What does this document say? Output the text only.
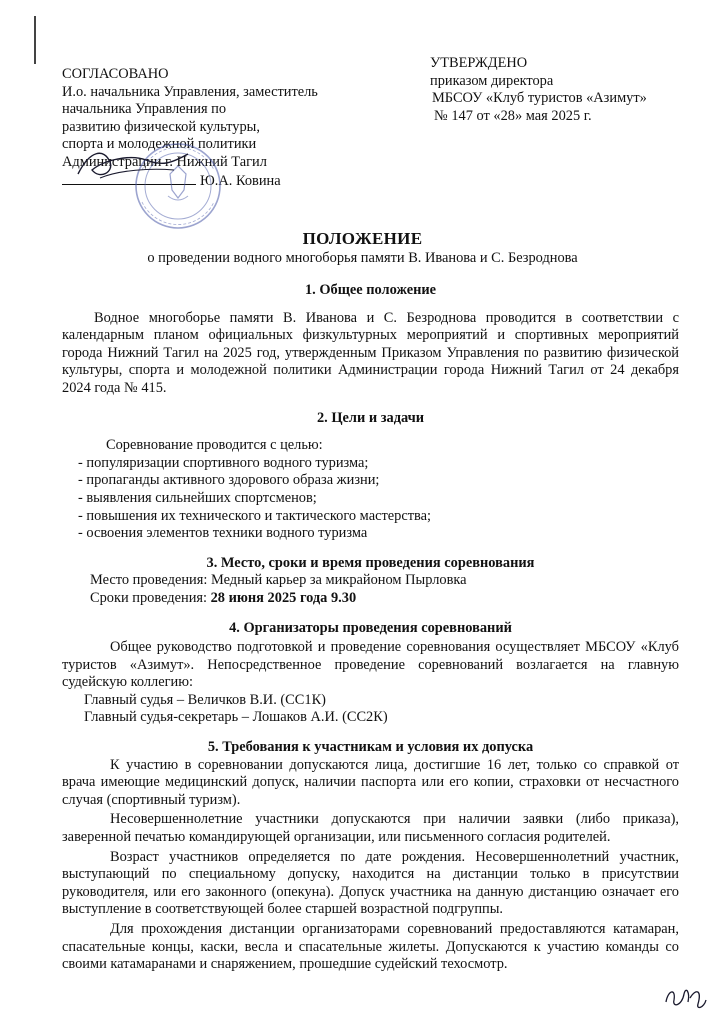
СОГЛАСОВАНО
И.о. начальника Управления, заместитель
начальника Управления по
развитию физической культуры,
спорта и молодежной политики
Администрации г. Нижний Тагил
Ю.А. Ковина
УТВЕРЖДЕНО
приказом директора
МБСОУ «Клуб туристов «Азимут»
№ 147 от «28» мая 2025 г.
ПОЛОЖЕНИЕ
о проведении водного многоборья памяти В. Иванова и С. Безроднова
1. Общее положение

Водное многоборье памяти В. Иванова и С. Безроднова проводится в соответствии с календарным планом официальных физкультурных мероприятий и спортивных мероприятий города Нижний Тагил на 2025 год, утвержденным Приказом Управления по развитию физической культуры, спорта и молодежной политики Администрации города Нижний Тагил от 24 декабря 2024 года № 415.

2. Цели и задачи
Соревнование проводится с целью:
- популяризации спортивного водного туризма;
- пропаганды активного здорового образа жизни;
- выявления сильнейших спортсменов;
- повышения их технического и тактического мастерства;
- освоения элементов техники водного туризма
3. Место, сроки и время проведения соревнования
Место проведения: Медный карьер за микрайоном Пырловка
Сроки проведения: 28 июня 2025 года 9.30
4. Организаторы проведения соревнований

Общее руководство подготовкой и проведение соревнования осуществляет МБСОУ «Клуб туристов «Азимут». Непосредственное проведение соревнований возлагается на главную судейскую коллегию:

Главный судья – Величков В.И. (СС1К)
Главный судья-секретарь – Лошаков А.И. (СС2К)
5. Требования к участникам и условия их допуска

К участию в соревновании допускаются лица, достигшие 16 лет, только со справкой от врача имеющие медицинский допуск, наличии паспорта или его копии, страховки от несчастного случая (спортивный туризм).

Несовершеннолетние участники допускаются при наличии заявки (либо приказа), заверенной печатью командирующей организации, или письменного согласия родителей.

Возраст участников определяется по дате рождения. Несовершеннолетний участник, выступающий по специальному допуску, находится на дистанции только в присутствии руководителя, или его законного (опекуна). Допуск участника на данную дистанцию означает его выступление в соответствующей более старшей возрастной подгруппы.

Для прохождения дистанции организаторами соревнований предоставляются катамаран, спасательные концы, каски, весла и спасательные жилеты. Допускаются к участию команды со своими катамаранами и снаряжением, прошедшие судейский техосмотр.
